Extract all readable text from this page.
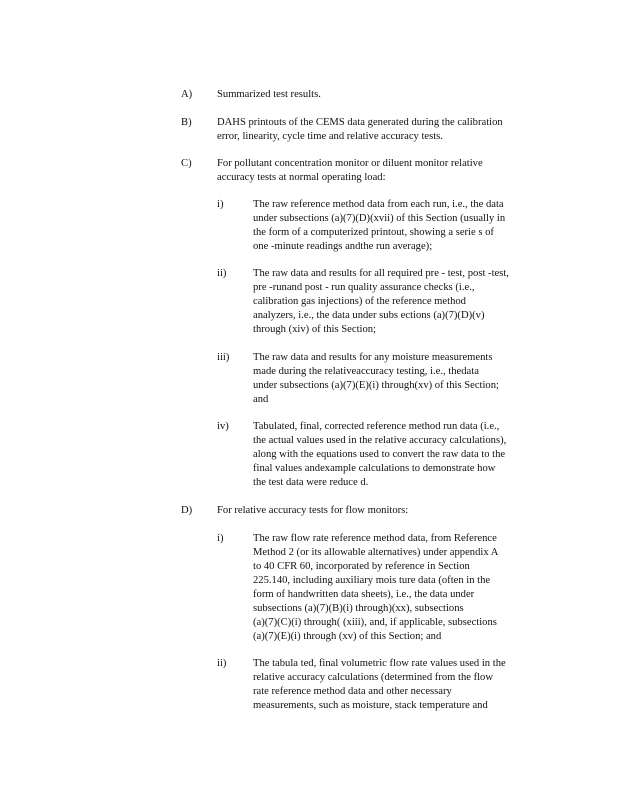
A) Summarized test results.
B) DAHS printouts of the CEMS data generated during the calibration
error, linearity, cycle time and relative accuracy tests.
C) For pollutant concentration monitor or diluent monitor relative
accuracy tests at normal operating load:
i)	The raw reference method data from each run, i.e., the data
under subsections (a)(7)(D)(xvii) of this Section (usually in
the form of a computerized printout, showing a serie s of
one -minute readings andthe run average);
ii)	The raw data and results for all required pre - test, post -test,
pre -runand post - run quality assurance checks (i.e.,
calibration gas injections) of the reference method
analyzers, i.e., the data under subs ections (a)(7)(D)(v)
through (xiv) of this Section;
iii) The raw data and results for any moisture measurements
made during the relativeaccuracy testing, i.e., thedata
under subsections (a)(7)(E)(i) through(xv) of this Section;
and
iv) Tabulated, final, corrected reference method run data (i.e.,
the actual values used in the relative accuracy calculations),
along with the equations used to convert the raw data to the
final values andexample calculations to demonstrate how
the test data were reduce d.
D) For relative accuracy tests for flow monitors:
i)	The raw flow rate reference method data, from Reference
Method 2 (or its allowable alternatives) under appendix A
to 40 CFR 60, incorporated by reference in Section
225.140, including auxiliary mois ture data (often in the
form of handwritten data sheets), i.e., the data under
subsections (a)(7)(B)(i) through)(xx), subsections
(a)(7)(C)(i) through( (xiii), and, if applicable, subsections
(a)(7)(E)(i) through (xv) of this Section; and
ii)	The tabula ted, final volumetric flow rate values used in the
relative accuracy calculations (determined from the flow
rate reference method data and other necessary
measurements, such as moisture, stack temperature and
